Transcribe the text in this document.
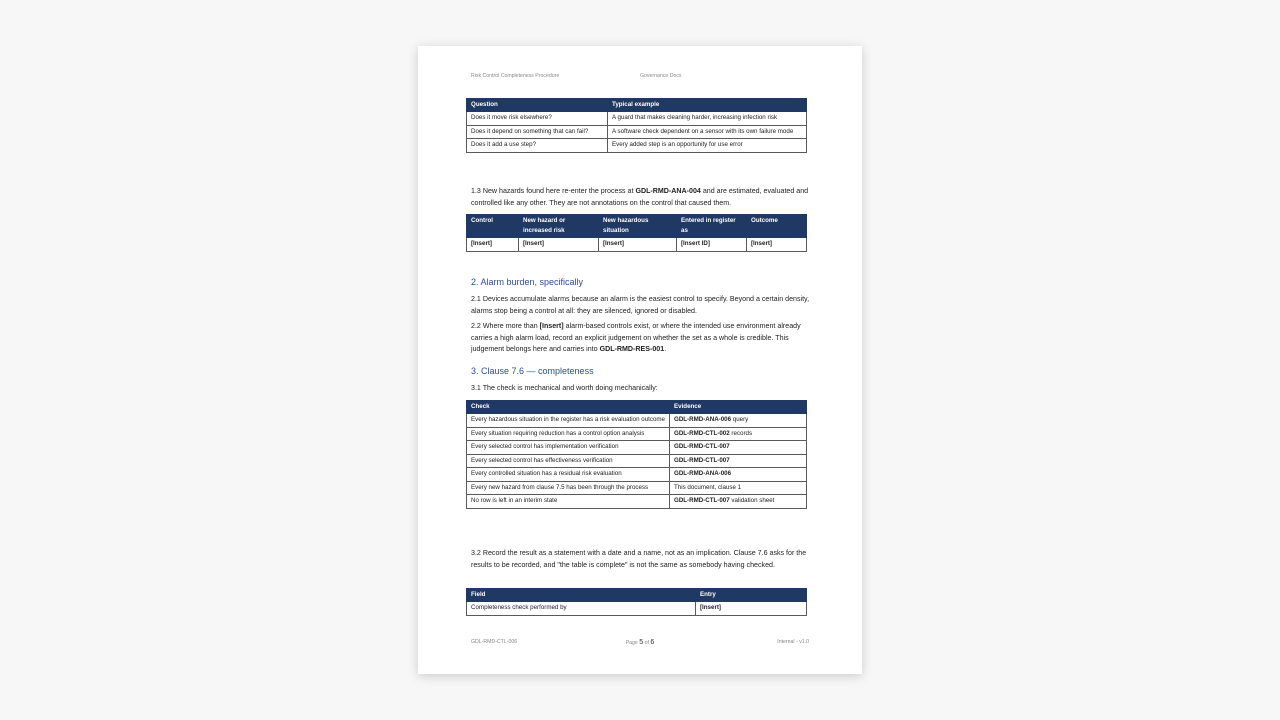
Risk Control Completeness Procedure	Governance Docs
Question	Typical example
Does it move risk elsewhere?	A guard that makes cleaning harder, increasing infection risk
Does it depend on something that can fail?	A software check dependent on a sensor with its own failure mode
Does it add a use step?	Every added step is an opportunity for use error
1.3 New hazards found here re-enter the process at GDL-RMD-ANA-004 and are estimated, evaluated and controlled like any other. They are not annotations on the control that caused them.
Control	New hazard or increased risk	New hazardous situation	Entered in register as	Outcome
[Insert]	[Insert]	[Insert]	[Insert ID]	[Insert]
2. Alarm burden, specifically
2.1 Devices accumulate alarms because an alarm is the easiest control to specify. Beyond a certain density, alarms stop being a control at all: they are silenced, ignored or disabled.
2.2 Where more than [Insert] alarm-based controls exist, or where the intended use environment already carries a high alarm load, record an explicit judgement on whether the set as a whole is credible. This judgement belongs here and carries into GDL-RMD-RES-001.
3. Clause 7.6 — completeness
3.1 The check is mechanical and worth doing mechanically:
Check	Evidence
Every hazardous situation in the register has a risk evaluation outcome	GDL-RMD-ANA-006 query
Every situation requiring reduction has a control option analysis	GDL-RMD-CTL-002 records
Every selected control has implementation verification	GDL-RMD-CTL-007
Every selected control has effectiveness verification	GDL-RMD-CTL-007
Every controlled situation has a residual risk evaluation	GDL-RMD-ANA-006
Every new hazard from clause 7.5 has been through the process	This document, clause 1
No row is left in an interim state	GDL-RMD-CTL-007 validation sheet
3.2 Record the result as a statement with a date and a name, not as an implication. Clause 7.6 asks for the results to be recorded, and "the table is complete" is not the same as somebody having checked.
Field	Entry
Completeness check performed by	[Insert]
GDL-RMD-CTL-006	Page 5 of 6	Internal - v1.0
